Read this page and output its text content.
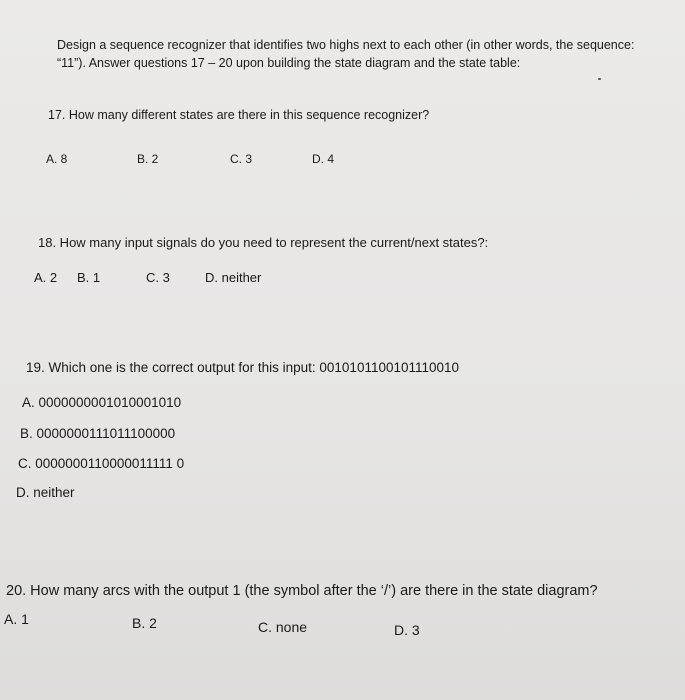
Design a sequence recognizer that identifies two highs next to each other (in other words, the sequence:
“11”). Answer questions 17 – 20 upon building the state diagram and the state table:
17. How many different states are there in this sequence recognizer?
A. 8	B. 2	C. 3	D. 4
18. How many input signals do you need to represent the current/next states?:
A. 2 B. 1	C. 3	D. neither
19. Which one is the correct output for this input: 0010101100101110010
A. 0000000001010001010
B. 0000000111011100000
C. 0000000110000011111 0
D. neither
20. How many arcs with the output 1 (the symbol after the ‘/’) are there in the state diagram?
A. 1	B. 2	C. none	D. 3
